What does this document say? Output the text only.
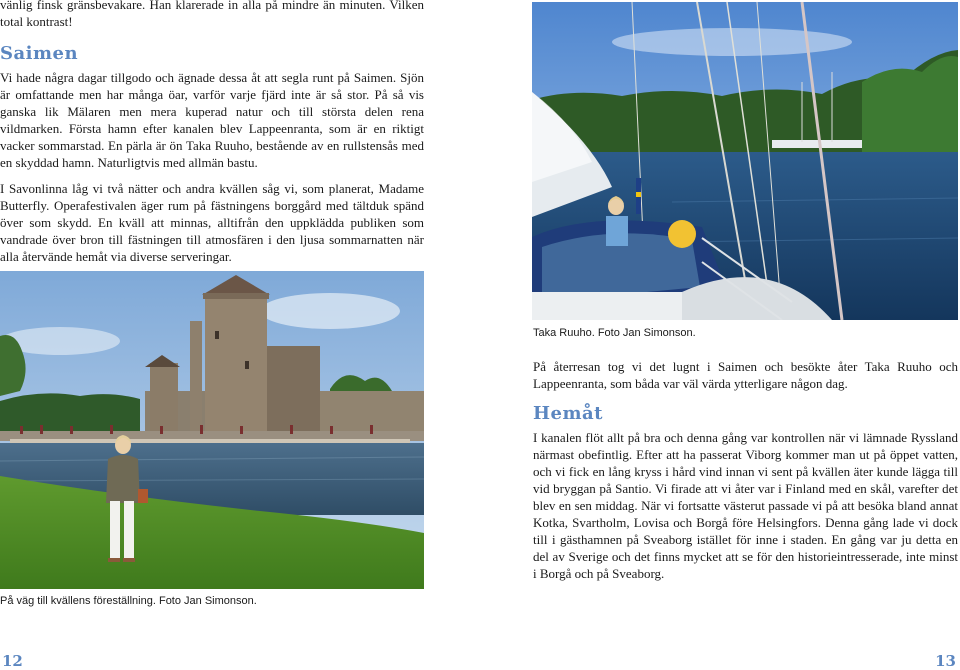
vänlig finsk gränsbevakare. Han klarerade in alla på mindre än minuten. Vilken total kontrast!

Saimen

Vi hade några dagar tillgodo och ägnade dessa åt att segla runt på Saimen. Sjön är omfattande men har många öar, varför varje fjärd inte är så stor. På så vis ganska lik Mälaren men mera kuperad natur och till största delen rena vildmarken. Första hamn efter kanalen blev Lappeenranta, som är en riktigt vacker sommarstad. En pärla är ön Taka Ruuho, bestående av en rullstensås med en skyddad hamn. Naturligtvis med allmän bastu.

I Savonlinna låg vi två nätter och andra kvällen såg vi, som planerat, Madame Butterfly. Operafestivalen äger rum på fästningens borggård med tältduk spänd över som skydd. En kväll att minnas, alltifrån den uppklädda publiken som vandrade över bron till fästningen till atmosfären i den ljusa sommarnatten när alla återvände hemåt via diverse serveringar.

På väg till kvällens föreställning. Foto Jan Simonson.

12

Taka Ruuho. Foto Jan Simonson.

På återresan tog vi det lugnt i Saimen och besökte åter Taka Ruuho och Lappeenranta, som båda var väl värda ytterligare någon dag.

Hemåt

I kanalen flöt allt på bra och denna gång var kontrollen när vi lämnade Ryssland närmast obefintlig. Efter att ha passerat Viborg kommer man ut på öppet vatten, och vi fick en lång kryss i hård vind innan vi sent på kvällen äter kunde lägga till vid bryggan på Santio. Vi firade att vi åter var i Finland med en skål, varefter det blev en sen middag. När vi fortsatte västerut passade vi på att besöka bland annat Kotka, Svartholm, Lovisa och Borgå före Helsingfors. Denna gång lade vi dock till i gästhamnen på Sveaborg istället för inne i staden. En gång var ju detta en del av Sverige och det finns mycket att se för den historieintresserade, inte minst i Borgå och på Sveaborg.

13
